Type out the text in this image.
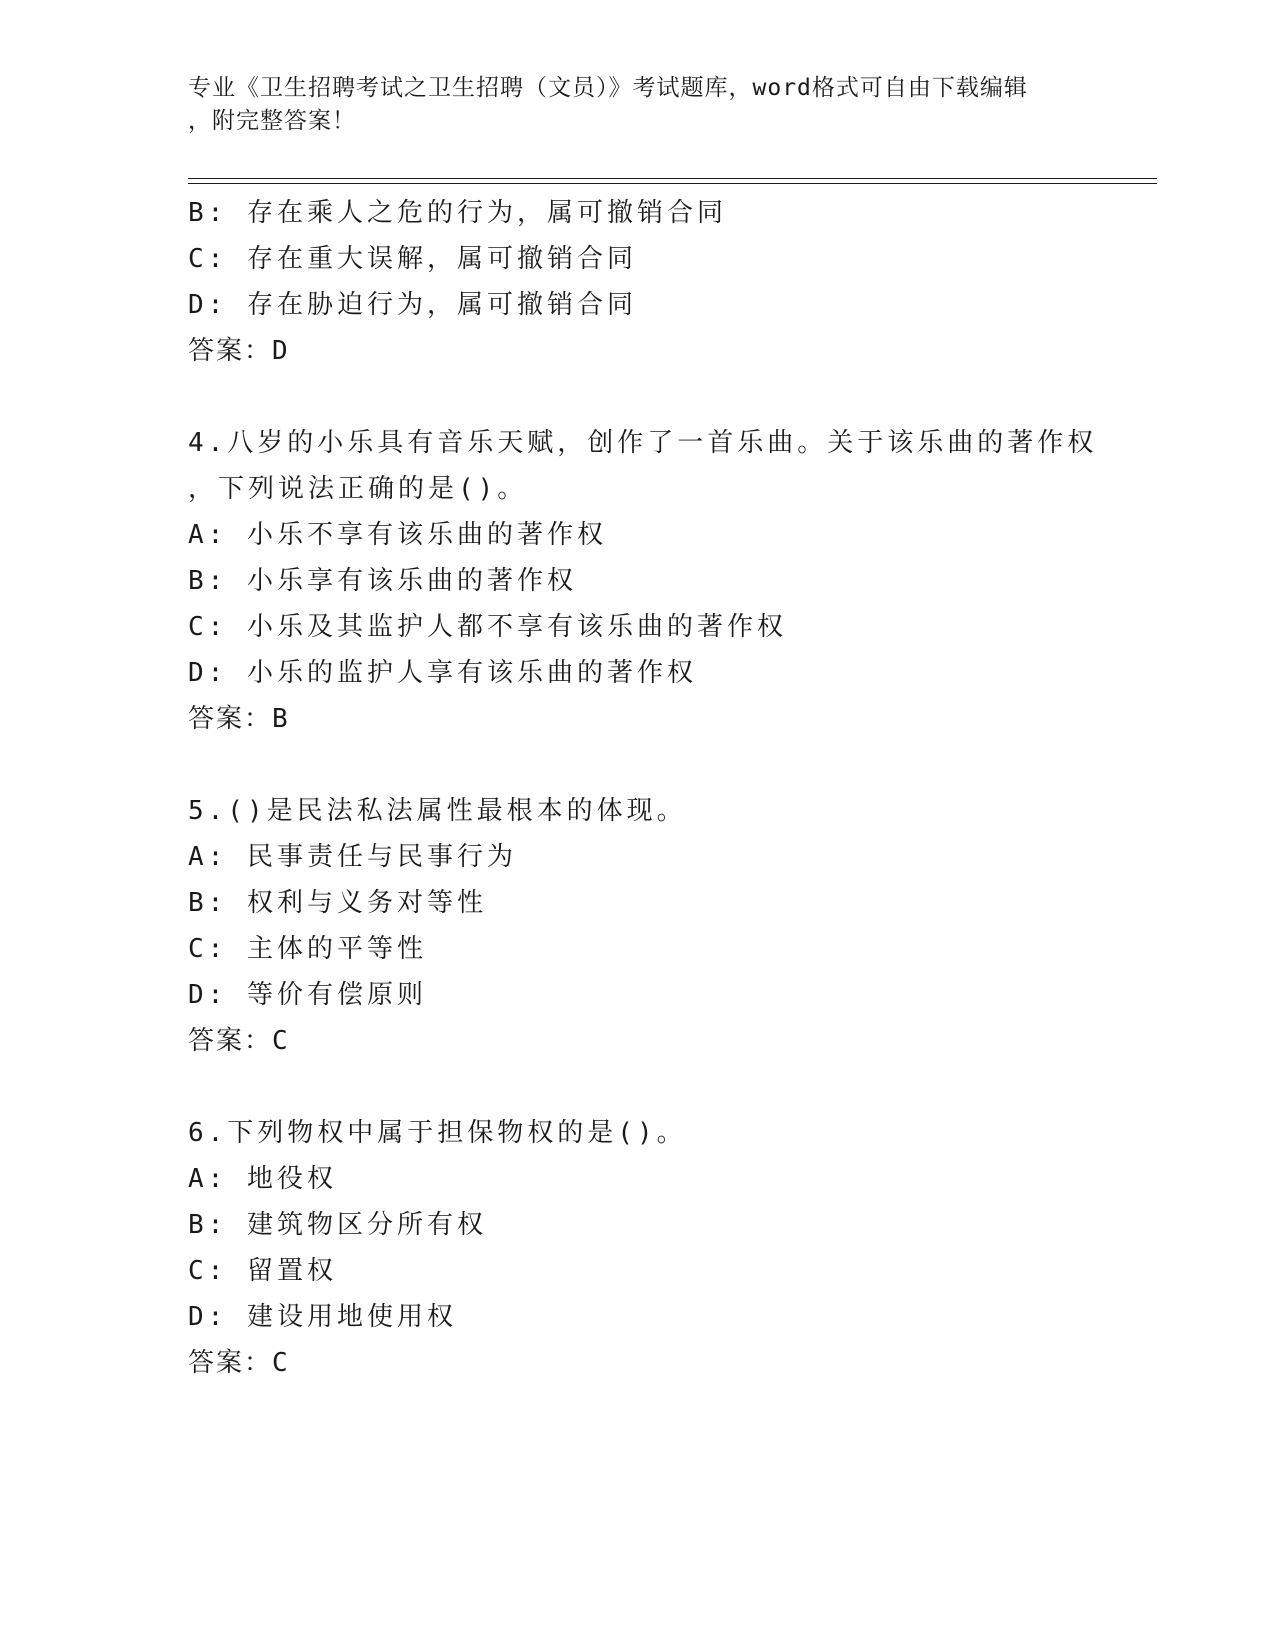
专业《卫生招聘考试之卫生招聘（文员）》考试题库，word格式可自由下载编辑
，附完整答案！
B: 存在乘人之危的行为，属可撤销合同
C: 存在重大误解，属可撤销合同
D: 存在胁迫行为，属可撤销合同
答案：D
4.八岁的小乐具有音乐天赋，创作了一首乐曲。关于该乐曲的著作权
，下列说法正确的是()。
A: 小乐不享有该乐曲的著作权
B: 小乐享有该乐曲的著作权
C: 小乐及其监护人都不享有该乐曲的著作权
D: 小乐的监护人享有该乐曲的著作权
答案：B
5.()是民法私法属性最根本的体现。
A: 民事责任与民事行为
B: 权利与义务对等性
C: 主体的平等性
D: 等价有偿原则
答案：C
6.下列物权中属于担保物权的是()。
A: 地役权
B: 建筑物区分所有权
C: 留置权
D: 建设用地使用权
答案：C
